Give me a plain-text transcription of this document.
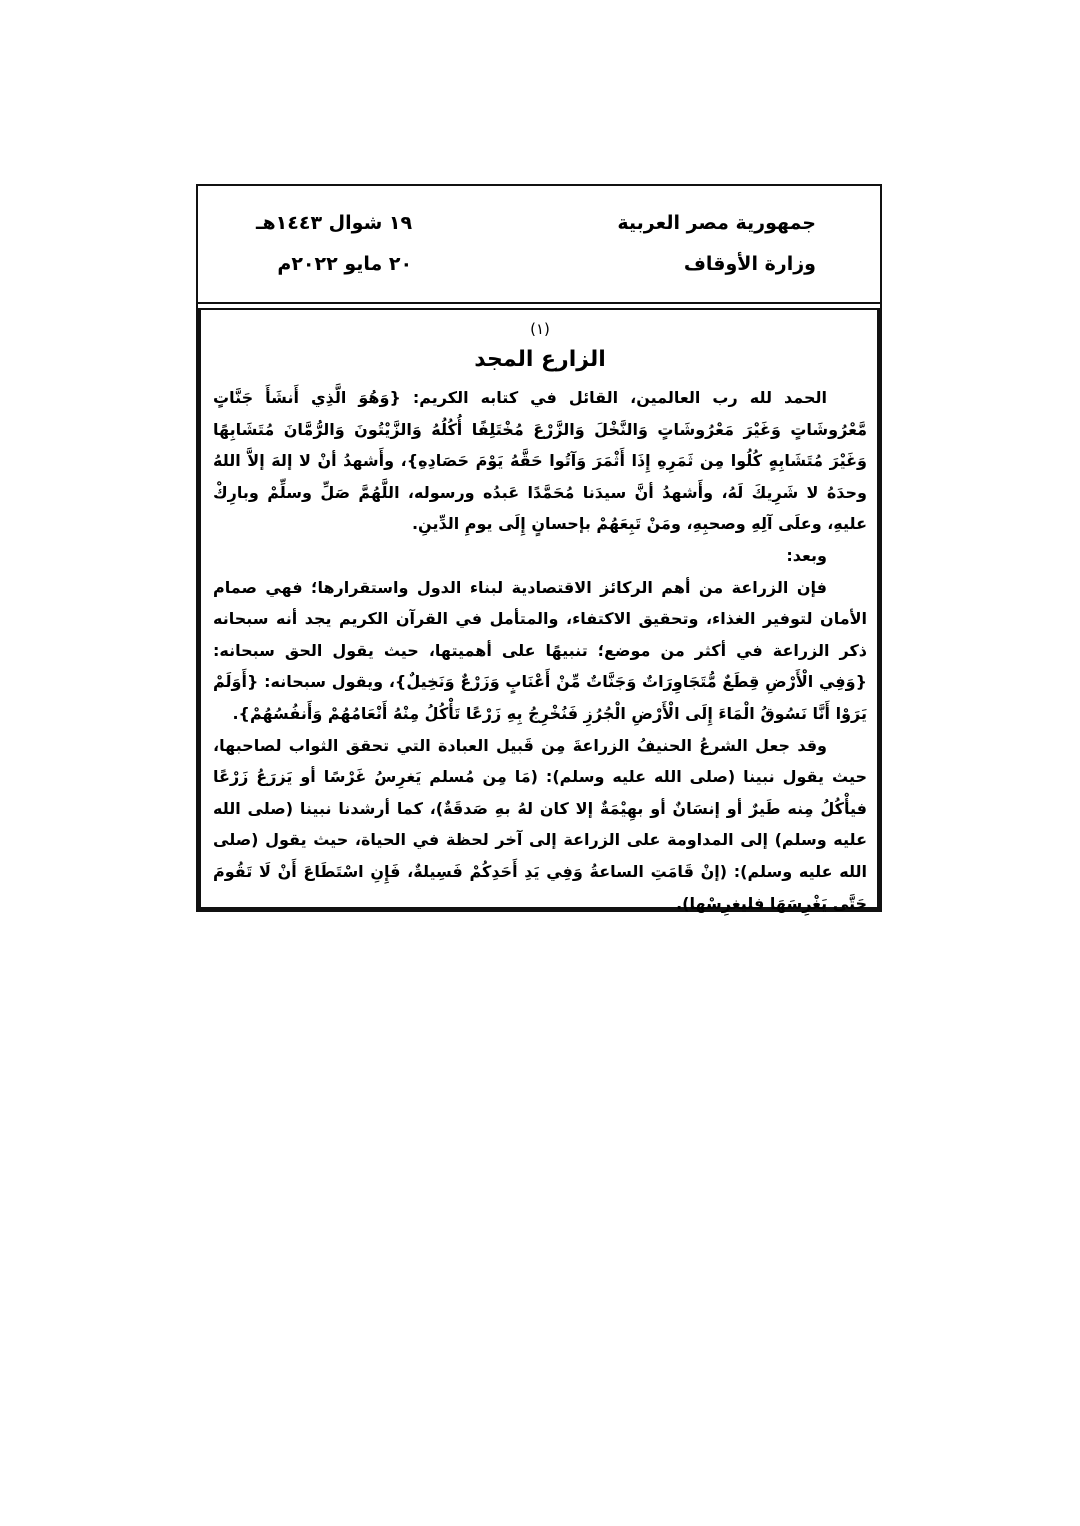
جمهورية مصر العربية
وزارة الأوقاف
١٩ شوال ١٤٤٣هـ
٢٠ مايو ٢٠٢٢م
(١)
الزارع المجد

الحمد لله رب العالمين، القائل في كتابه الكريم: {وَهُوَ الَّذِي أَنشَأَ جَنَّاتٍ مَّعْرُوشَاتٍ وَغَيْرَ مَعْرُوشَاتٍ وَالنَّخْلَ وَالزَّرْعَ مُخْتَلِفًا أُكُلُهُ وَالزَّيْتُونَ وَالرُّمَّانَ مُتَشَابِهًا وَغَيْرَ مُتَشَابِهٍ كُلُوا مِن ثَمَرِهِ إِذَا أَثْمَرَ وَآتُوا حَقَّهُ يَوْمَ حَصَادِهِ}، وأَشهدُ أنْ لا إلهَ إلاَّ اللهُ وحدَهُ لا شَرِيكَ لَهُ، وأَشهدُ أنَّ سيدَنا مُحَمَّدًا عَبدُه ورسوله، اللَّهُمَّ صَلِّ وسلِّمْ وبارِكْ عليهِ، وعلَى آلِهِ وصحبِهِ، ومَنْ تَبِعَهُمْ بإحسانٍ إِلَى يومِ الدِّينِ.

وبعد:

فإن الزراعة من أهم الركائز الاقتصادية لبناء الدول واستقرارها؛ فهي صمام الأمان لتوفير الغذاء، وتحقيق الاكتفاء، والمتأمل في القرآن الكريم يجد أنه سبحانه ذكر الزراعة في أكثر من موضع؛ تنبيهًا على أهميتها، حيث يقول الحق سبحانه: {وَفِي الْأَرْضِ قِطَعٌ مُّتَجَاوِرَاتٌ وَجَنَّاتٌ مِّنْ أَعْنَابٍ وَزَرْعٌ وَنَخِيلٌ}، ويقول سبحانه: {أَوَلَمْ يَرَوْا أَنَّا نَسُوقُ الْمَاءَ إِلَى الْأَرْضِ الْجُرُزِ فَنُخْرِجُ بِهِ زَرْعًا تَأْكُلُ مِنْهُ أَنْعَامُهُمْ وَأَنفُسُهُمْ}.

وقد جعل الشرعُ الحنيفُ الزراعةَ مِن قَبيل العبادة التي تحقق الثواب لصاحبها، حيث يقول نبينا (صلى الله عليه وسلم): (مَا مِن مُسلم يَغرِسُ غَرْسًا أو يَزرَعُ زَرْعًا فيأْكُلُ مِنه طَيرٌ أو إنسَانٌ أو بهِيْمَةٌ إلا كان لهُ بهِ صَدقَةٌ)، كما أرشدنا نبينا (صلى الله عليه وسلم) إلى المداومة على الزراعة إلى آخر لحظة في الحياة، حيث يقول (صلى الله عليه وسلم): (إنْ قَامَتِ الساعةُ وَفِي يَدِ أَحَدِكُمْ فَسِيلةٌ، فَإِنِ اسْتَطَاعَ أَنْ لَا تَقُومَ حَتَّى يَغْرِسَهَا فليغرِسْها).
